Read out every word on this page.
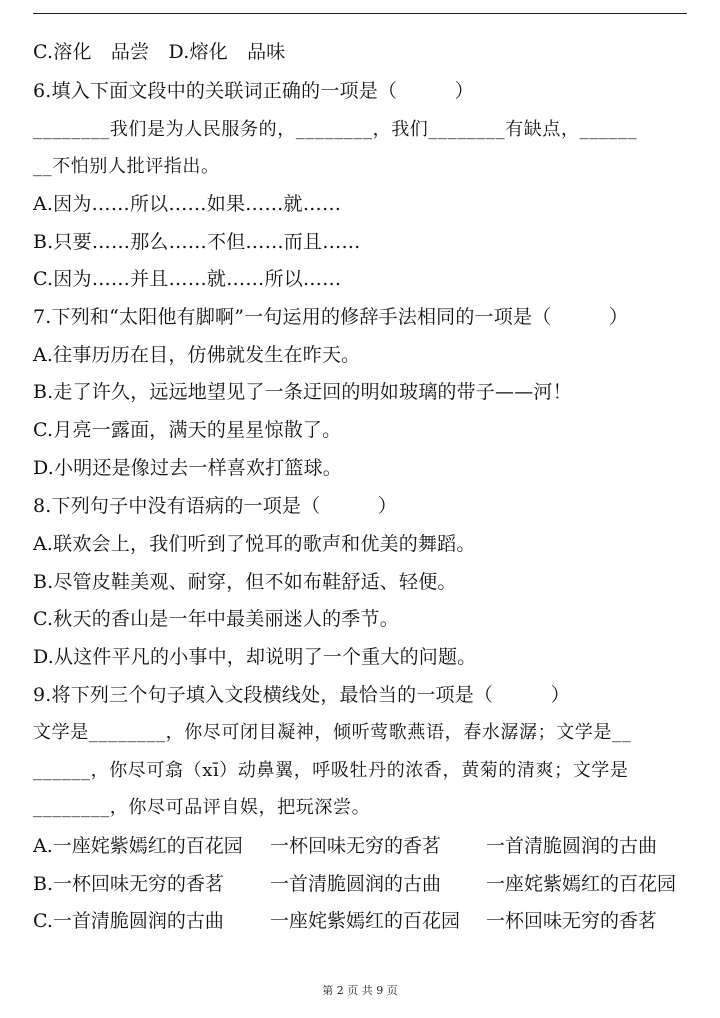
C.溶化　品尝　D.熔化　品味
6.填入下面文段中的关联词正确的一项是（　　　）
________我们是为人民服务的，________，我们________有缺点，______
__不怕别人批评指出。
A.因为……所以……如果……就……
B.只要……那么……不但……而且……
C.因为……并且……就……所以……
7.下列和“太阳他有脚啊”一句运用的修辞手法相同的一项是（　　　）
A.往事历历在目，仿佛就发生在昨天。
B.走了许久，远远地望见了一条迂回的明如玻璃的带子——河！
C.月亮一露面，满天的星星惊散了。
D.小明还是像过去一样喜欢打篮球。
8.下列句子中没有语病的一项是（　　　）
A.联欢会上，我们听到了悦耳的歌声和优美的舞蹈。
B.尽管皮鞋美观、耐穿，但不如布鞋舒适、轻便。
C.秋天的香山是一年中最美丽迷人的季节。
D.从这件平凡的小事中，却说明了一个重大的问题。
9.将下列三个句子填入文段横线处，最恰当的一项是（　　　）
文学是________，你尽可闭目凝神，倾听莺歌燕语，春水潺潺；文学是__
______，你尽可翕（xī）动鼻翼，呼吸牡丹的浓香，黄菊的清爽；文学是
________，你尽可品评自娱，把玩深尝。
A.一座姹紫嫣红的百花园 一杯回味无穷的香茗 一首清脆圆润的古曲
B.一杯回味无穷的香茗 一首清脆圆润的古曲 一座姹紫嫣红的百花园
C.一首清脆圆润的古曲 一座姹紫嫣红的百花园 一杯回味无穷的香茗
第 2 页 共 9 页
